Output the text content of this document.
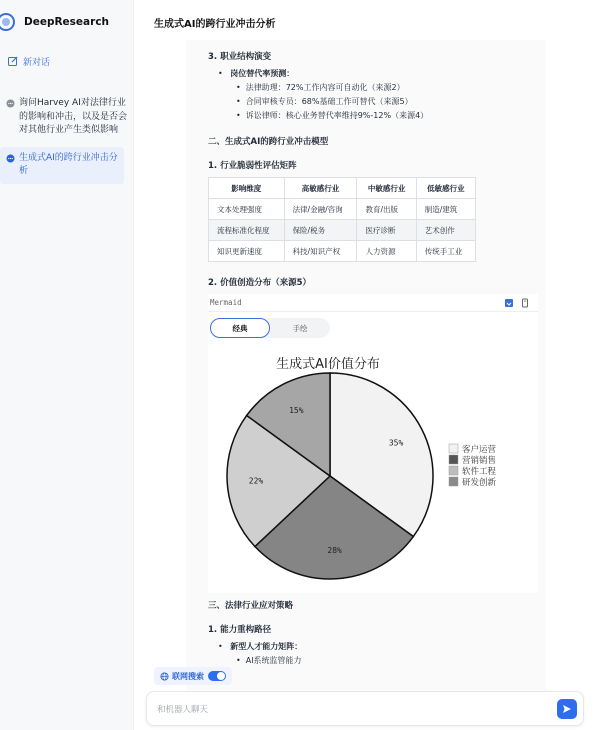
DeepResearch
新对话
询问Harvey AI对法律行业的影响和冲击，以及是否会对其他行业产生类似影响
生成式AI的跨行业冲击分析
生成式AI的跨行业冲击分析
3. 职业结构演变
• 岗位替代率预测：
• 法律助理：72%工作内容可自动化（来源2）
• 合同审核专员：68%基础工作可替代（来源5）
• 诉讼律师：核心业务替代率维持9%-12%（来源4）
二、生成式AI的跨行业冲击模型
1. 行业脆弱性评估矩阵
影响维度	高敏感行业	中敏感行业	低敏感行业
文本处理强度	法律/金融/咨询	教育/出版	制造/建筑
流程标准化程度	保险/税务	医疗诊断	艺术创作
知识更新速度	科技/知识产权	人力资源	传统手工业
2. 价值创造分布（来源5）
Mermaid
经典	手绘
生成式AI价值分布
35%
28%
22%
15%
客户运营
营销销售
软件工程
研发创新
三、法律行业应对策略
1. 能力重构路径
• 新型人才能力矩阵：
• AI系统监管能力
联网搜索
和机器人聊天
